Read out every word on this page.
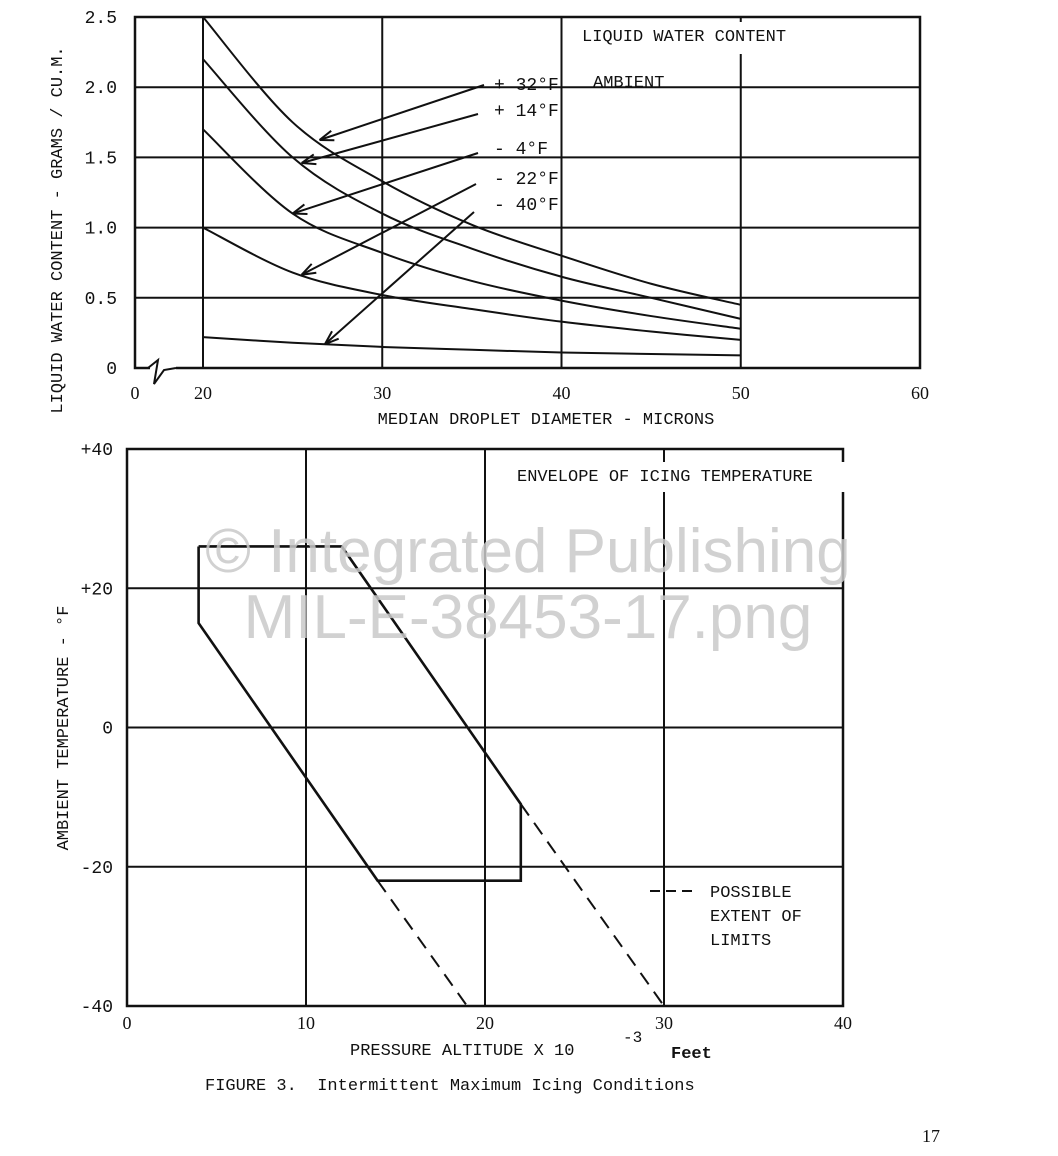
0	20	30	40	50	60
0
0.5
1.0
1.5
2.0
2.5
LIQUID WATER CONTENT
AMBIENT
+ 32°F
+ 14°F
- 4°F
- 22°F
- 40°F
MEDIAN DROPLET DIAMETER - MICRONS
LIQUID WATER CONTENT - GRAMS / CU.M.
0	10	20	30	40
-40
-20
0
+20
+40
ENVELOPE OF ICING TEMPERATURE
POSSIBLE
EXTENT OF
LIMITS
PRESSURE ALTITUDE X 10
-3
Feet
AMBIENT TEMPERATURE - °F
FIGURE 3.  Intermittent Maximum Icing Conditions
17
© Integrated Publishing
MIL-E-38453-17.png
